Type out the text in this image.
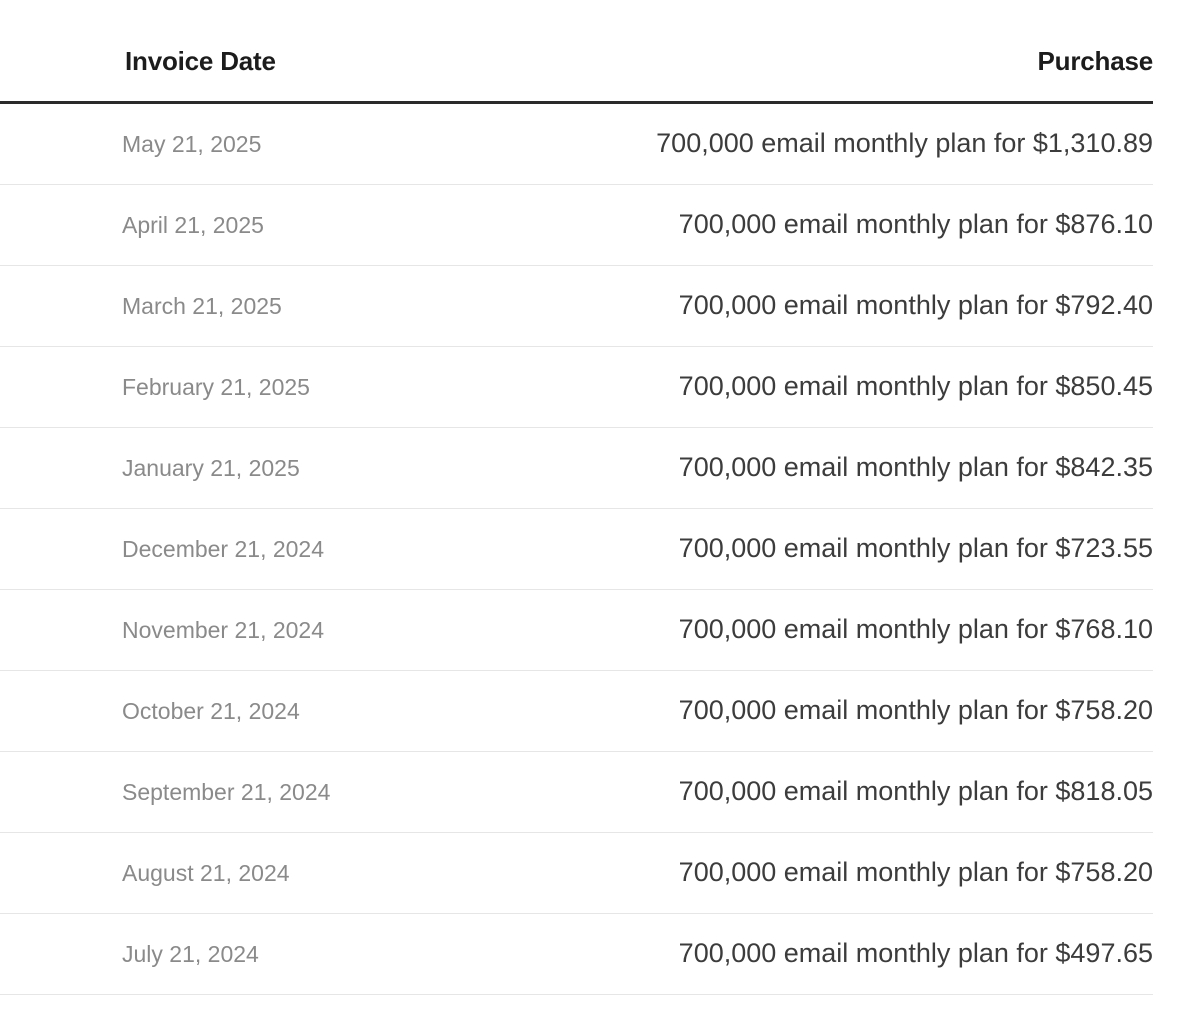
Invoice Date	Purchase
May 21, 2025	700,000 email monthly plan for $1,310.89
April 21, 2025	700,000 email monthly plan for $876.10
March 21, 2025	700,000 email monthly plan for $792.40
February 21, 2025	700,000 email monthly plan for $850.45
January 21, 2025	700,000 email monthly plan for $842.35
December 21, 2024	700,000 email monthly plan for $723.55
November 21, 2024	700,000 email monthly plan for $768.10
October 21, 2024	700,000 email monthly plan for $758.20
September 21, 2024	700,000 email monthly plan for $818.05
August 21, 2024	700,000 email monthly plan for $758.20
July 21, 2024	700,000 email monthly plan for $497.65
